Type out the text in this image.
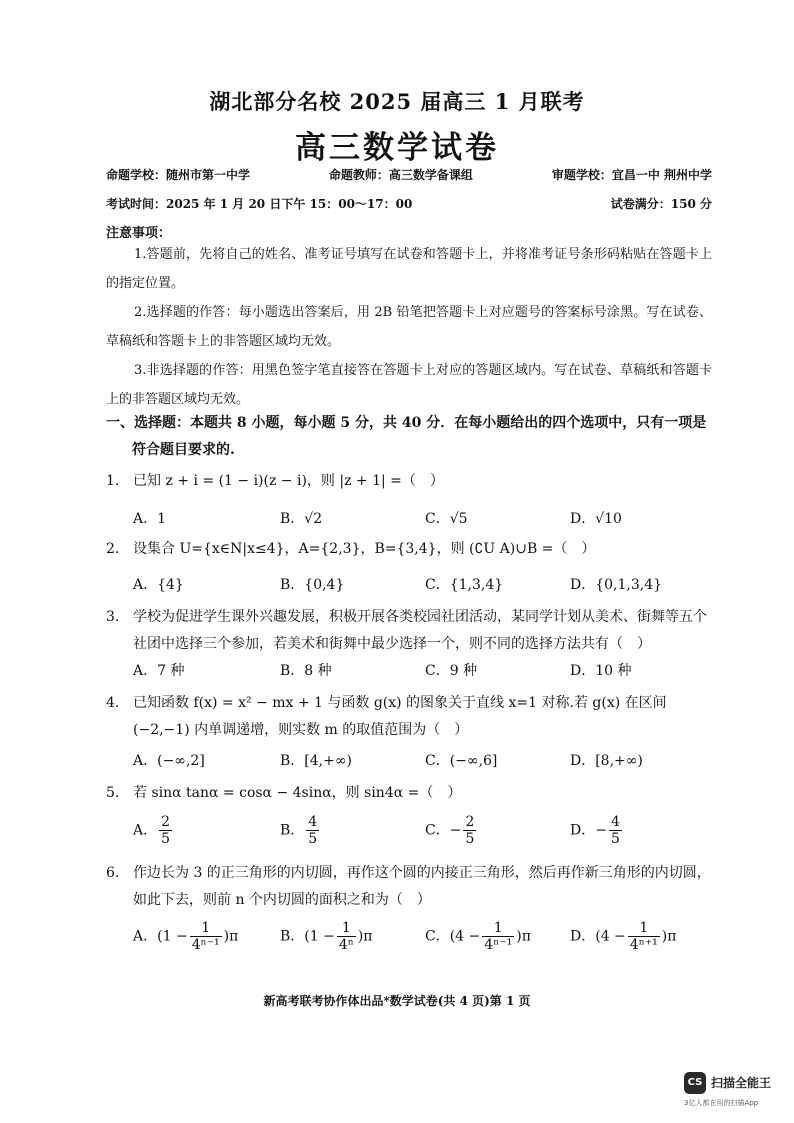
湖北部分名校 2025 届高三 1 月联考
高三数学试卷
命题学校：随州市第一中学	命题教师：高三数学备课组	审题学校：宜昌一中 荆州中学
考试时间：2025 年 1 月 20 日下午 15：00～17：00	试卷满分：150 分
注意事项：
1.答题前，先将自己的姓名、准考证号填写在试卷和答题卡上，并将准考证号条形码粘贴在答题卡上的指定位置。
2.选择题的作答：每小题选出答案后，用 2B 铅笔把答题卡上对应题号的答案标号涂黑。写在试卷、草稿纸和答题卡上的非答题区域均无效。
3.非选择题的作答：用黑色签字笔直接答在答题卡上对应的答题区域内。写在试卷、草稿纸和答题卡上的非答题区域均无效。
一、选择题：本题共 8 小题，每小题 5 分，共 40 分．在每小题给出的四个选项中，只有一项是
符合题目要求的.
1. 已知 z + i = (1 − i)(z − i)，则 |z + 1| =（　）
A．1	B．√2	C．√5	D．√10
2. 设集合 U={x∈N|x≤4}，A={2,3}，B={3,4}，则 (∁U A)∪B =（　）
A．{4}	B．{0,4}	C．{1,3,4}	D．{0,1,3,4}
3. 学校为促进学生课外兴趣发展，积极开展各类校园社团活动，某同学计划从美术、街舞等五个社团中选择三个参加，若美术和街舞中最少选择一个，则不同的选择方法共有（　）
A．7 种	B．8 种	C．9 种	D．10 种
4. 已知函数 f(x) = x² − mx + 1 与函数 g(x) 的图象关于直线 x=1 对称.若 g(x) 在区间 (−2,−1) 内单调递增，则实数 m 的取值范围为（　）
A．(−∞,2]	B．[4,+∞)	C．(−∞,6]	D．[8,+∞)
5. 若 sinα tanα = cosα − 4sinα，则 sin4α =（　）
A． $\frac{2}{5}$	B． $\frac{4}{5}$	C．− $\frac{2}{5}$	D．− $\frac{4}{5}$
6. 作边长为 3 的正三角形的内切圆，再作这个圆的内接正三角形，然后再作新三角形的内切圆，如此下去，则前 n 个内切圆的面积之和为（　）
A．$(1 - \frac{1}{\text{4ⁿ⁻¹}} )\pi$	B．$(1 - \frac{1}{\text{4ⁿ}} )\pi$	C．$(4 - \frac{1}{\text{4ⁿ⁻¹}} )\pi$	D．$(4 - \frac{1}{\text{4ⁿ⁺¹}} )\pi$
新高考联考协作体出品*数学试卷(共 4 页)第 1 页
CS 扫描全能王
3亿人都在用的扫描App
